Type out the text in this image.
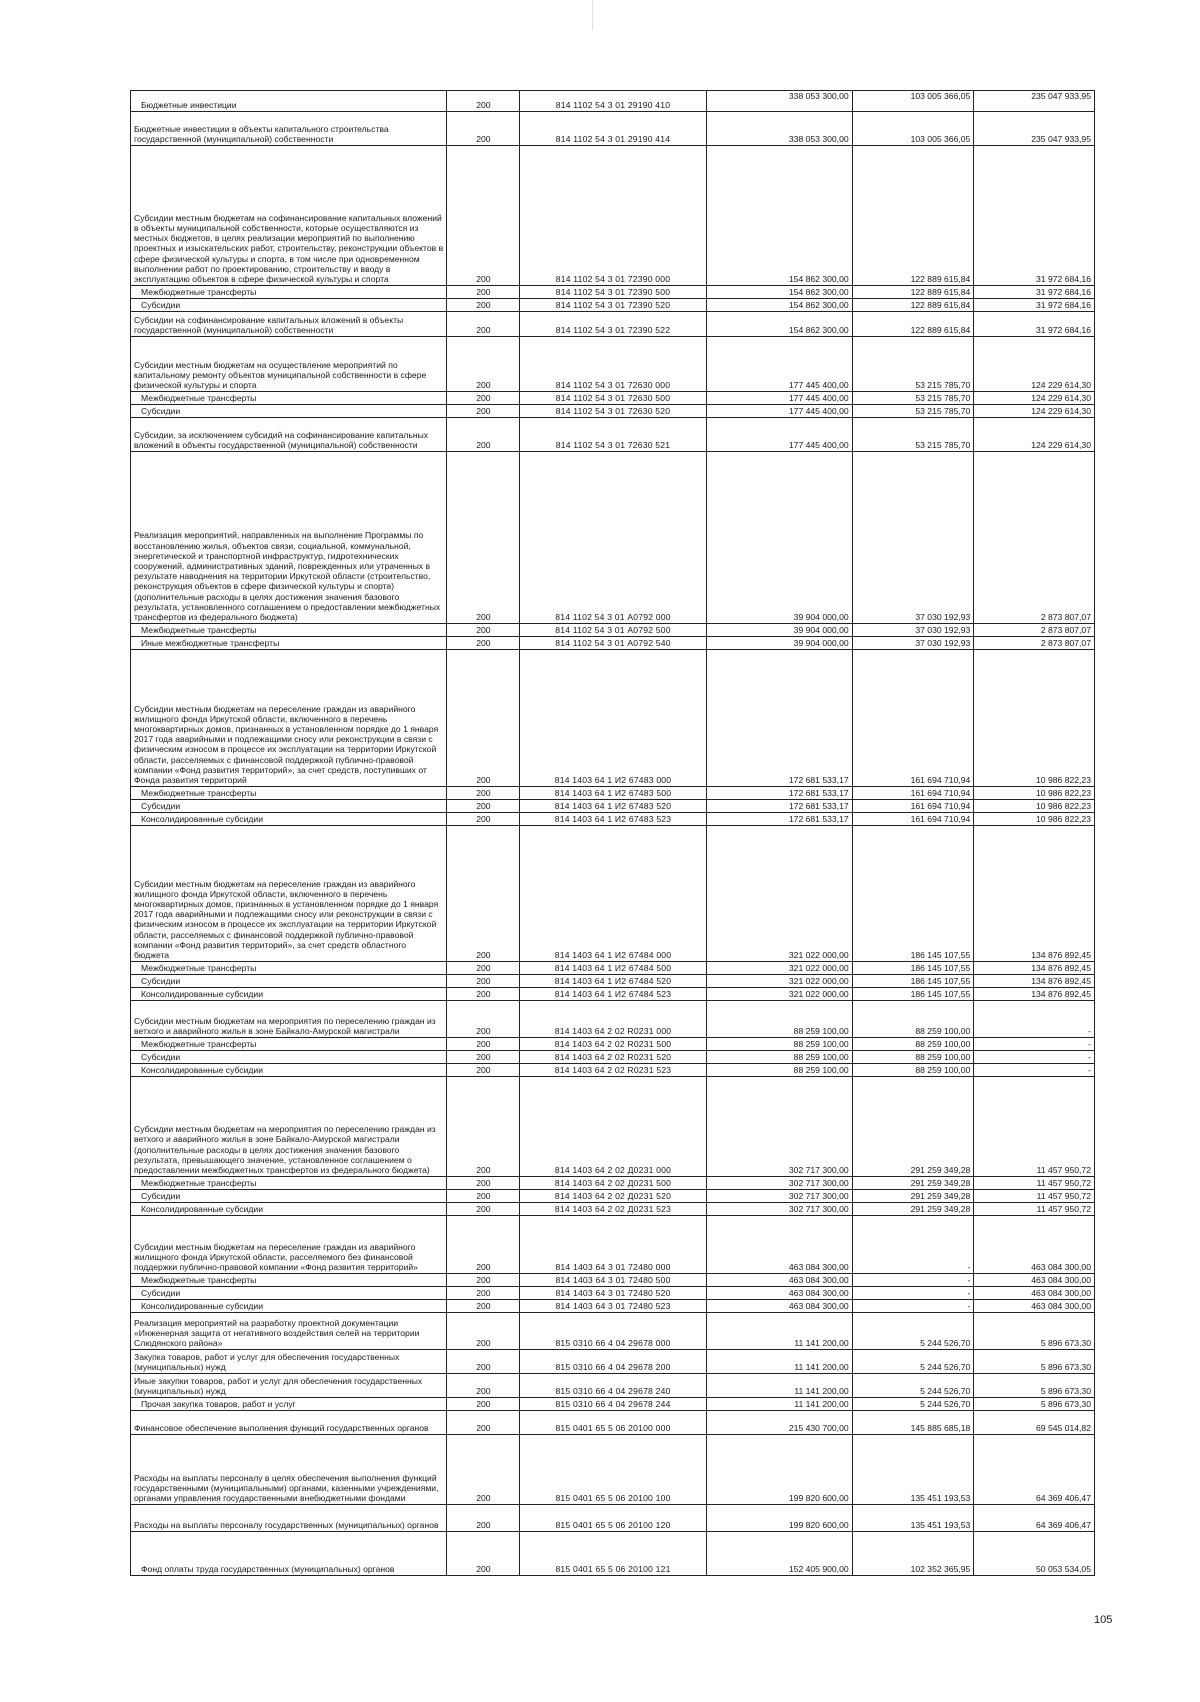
Бюджетные инвестиции	200	814 1102 54 3 01 29190 410	338 053 300,00	103 005 366,05	235 047 933,95
Бюджетные инвестиции в объекты капитального строительства государственной (муниципальной) собственности	200	814 1102 54 3 01 29190 414	338 053 300,00	103 005 366,05	235 047 933,95
Субсидии местным бюджетам на софинансирование капитальных вложений в объекты муниципальной собственности, которые осуществляются из местных бюджетов, в целях реализации мероприятий по выполнению проектных и изыскательских работ, строительству, реконструкции объектов в сфере физической культуры и спорта, в том числе при одновременном выполнении работ по проектированию, строительству и вводу в эксплуатацию объектов в сфере физической культуры и спорта	200	814 1102 54 3 01 72390 000	154 862 300,00	122 889 615,84	31 972 684,16
Межбюджетные трансферты	200	814 1102 54 3 01 72390 500	154 862 300,00	122 889 615,84	31 972 684,16
Субсидии	200	814 1102 54 3 01 72390 520	154 862 300,00	122 889 615,84	31 972 684,16
Субсидии на софинансирование капитальных вложений в объекты государственной (муниципальной) собственности	200	814 1102 54 3 01 72390 522	154 862 300,00	122 889 615,84	31 972 684,16
Субсидии местным бюджетам на осуществление мероприятий по капитальному ремонту объектов муниципальной собственности в сфере физической культуры и спорта	200	814 1102 54 3 01 72630 000	177 445 400,00	53 215 785,70	124 229 614,30
Межбюджетные трансферты	200	814 1102 54 3 01 72630 500	177 445 400,00	53 215 785,70	124 229 614,30
Субсидии	200	814 1102 54 3 01 72630 520	177 445 400,00	53 215 785,70	124 229 614,30
Субсидии, за исключением субсидий на софинансирование капитальных вложений в объекты государственной (муниципальной) собственности	200	814 1102 54 3 01 72630 521	177 445 400,00	53 215 785,70	124 229 614,30
Реализация мероприятий, направленных на выполнение Программы по восстановлению жилья, объектов связи, социальной, коммунальной, энергетической и транспортной инфраструктур, гидротехнических сооружений, административных зданий, поврежденных или утраченных в результате наводнения на территории Иркутской области (строительство, реконструкция объектов в сфере физической культуры и спорта) (дополнительные расходы в целях достижения значения базового результата, установленного соглашением о предоставлении межбюджетных трансфертов из федерального бюджета)	200	814 1102 54 3 01 А0792 000	39 904 000,00	37 030 192,93	2 873 807,07
Межбюджетные трансферты	200	814 1102 54 3 01 А0792 500	39 904 000,00	37 030 192,93	2 873 807,07
Иные межбюджетные трансферты	200	814 1102 54 3 01 А0792 540	39 904 000,00	37 030 192,93	2 873 807,07
Субсидии местным бюджетам на переселение граждан из аварийного жилищного фонда Иркутской области, включенного в перечень многоквартирных домов, признанных в установленном порядке до 1 января 2017 года аварийными и подлежащими сносу или реконструкции в связи с физическим износом в процессе их эксплуатации на территории Иркутской области, расселяемых с финансовой поддержкой публично-правовой компании «Фонд развития территорий», за счет средств, поступивших от Фонда развития территорий	200	814 1403 64 1 И2 67483 000	172 681 533,17	161 694 710,94	10 986 822,23
Межбюджетные трансферты	200	814 1403 64 1 И2 67483 500	172 681 533,17	161 694 710,94	10 986 822,23
Субсидии	200	814 1403 64 1 И2 67483 520	172 681 533,17	161 694 710,94	10 986 822,23
Консолидированные субсидии	200	814 1403 64 1 И2 67483 523	172 681 533,17	161 694 710,94	10 986 822,23
Субсидии местным бюджетам на переселение граждан из аварийного жилищного фонда Иркутской области, включенного в перечень многоквартирных домов, признанных в установленном порядке до 1 января 2017 года аварийными и подлежащими сносу или реконструкции в связи с физическим износом в процессе их эксплуатации на территории Иркутской области, расселяемых с финансовой поддержкой публично-правовой компании «Фонд развития территорий», за счет средств областного бюджета	200	814 1403 64 1 И2 67484 000	321 022 000,00	186 145 107,55	134 876 892,45
Межбюджетные трансферты	200	814 1403 64 1 И2 67484 500	321 022 000,00	186 145 107,55	134 876 892,45
Субсидии	200	814 1403 64 1 И2 67484 520	321 022 000,00	186 145 107,55	134 876 892,45
Консолидированные субсидии	200	814 1403 64 1 И2 67484 523	321 022 000,00	186 145 107,55	134 876 892,45
Субсидии местным бюджетам на мероприятия по переселению граждан из ветхого и аварийного жилья в зоне Байкало-Амурской магистрали	200	814 1403 64 2 02 R0231 000	88 259 100,00	88 259 100,00	-
Межбюджетные трансферты	200	814 1403 64 2 02 R0231 500	88 259 100,00	88 259 100,00	-
Субсидии	200	814 1403 64 2 02 R0231 520	88 259 100,00	88 259 100,00	-
Консолидированные субсидии	200	814 1403 64 2 02 R0231 523	88 259 100,00	88 259 100,00	-
Субсидии местным бюджетам на мероприятия по переселению граждан из ветхого и аварийного жилья в зоне Байкало-Амурской магистрали (дополнительные расходы в целях достижения значения базового результата, превышающего значение, установленное соглашением о предоставлении межбюджетных трансфертов из федерального бюджета)	200	814 1403 64 2 02 Д0231 000	302 717 300,00	291 259 349,28	11 457 950,72
Межбюджетные трансферты	200	814 1403 64 2 02 Д0231 500	302 717 300,00	291 259 349,28	11 457 950,72
Субсидии	200	814 1403 64 2 02 Д0231 520	302 717 300,00	291 259 349,28	11 457 950,72
Консолидированные субсидии	200	814 1403 64 2 02 Д0231 523	302 717 300,00	291 259 349,28	11 457 950,72
Субсидии местным бюджетам на переселение граждан из аварийного жилищного фонда Иркутской области, расселяемого без финансовой поддержки публично-правовой компании «Фонд развития территорий»	200	814 1403 64 3 01 72480 000	463 084 300,00	-	463 084 300,00
Межбюджетные трансферты	200	814 1403 64 3 01 72480 500	463 084 300,00	-	463 084 300,00
Субсидии	200	814 1403 64 3 01 72480 520	463 084 300,00	-	463 084 300,00
Консолидированные субсидии	200	814 1403 64 3 01 72480 523	463 084 300,00	-	463 084 300,00
Реализация мероприятий на разработку проектной документации «Инженерная защита от негативного воздействия селей на территории Слюдянского района»	200	815 0310 66 4 04 29678 000	11 141 200,00	5 244 526,70	5 896 673,30
Закупка товаров, работ и услуг для обеспечения государственных (муниципальных) нужд	200	815 0310 66 4 04 29678 200	11 141 200,00	5 244 526,70	5 896 673,30
Иные закупки товаров, работ и услуг для обеспечения государственных (муниципальных) нужд	200	815 0310 66 4 04 29678 240	11 141 200,00	5 244 526,70	5 896 673,30
Прочая закупка товаров, работ и услуг	200	815 0310 66 4 04 29678 244	11 141 200,00	5 244 526,70	5 896 673,30
Финансовое обеспечение выполнения функций государственных органов	200	815 0401 65 5 06 20100 000	215 430 700,00	145 885 685,18	69 545 014,82
Расходы на выплаты персоналу в целях обеспечения выполнения функций государственными (муниципальными) органами, казенными учреждениями, органами управления государственными внебюджетными фондами	200	815 0401 65 5 06 20100 100	199 820 600,00	135 451 193,53	64 369 406,47
Расходы на выплаты персоналу государственных (муниципальных) органов	200	815 0401 65 5 06 20100 120	199 820 600,00	135 451 193,53	64 369 406,47
Фонд оплаты труда государственных (муниципальных) органов	200	815 0401 65 5 06 20100 121	152 405 900,00	102 352 365,95	50 053 534,05
105
